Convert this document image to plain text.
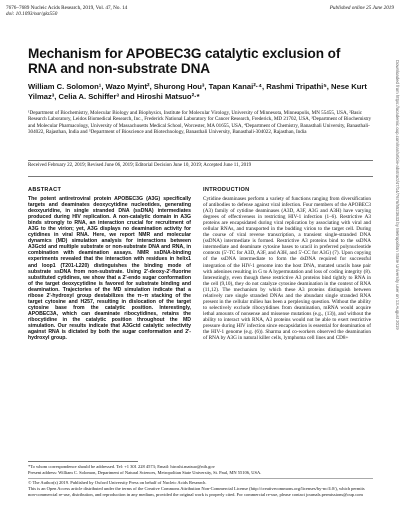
7676–7689 Nucleic Acids Research, 2019, Vol. 47, No. 14
doi: 10.1093/nar/gkz550
Published online 25 June 2019
Mechanism for APOBEC3G catalytic exclusion of RNA and non-substrate DNA
William C. Solomon¹, Wazo Myint², Shurong Hou³, Tapan Kanai²·⁴, Rashmi Tripathi⁵, Nese Kurt Yilmaz³, Celia A. Schiffer³ and Hiroshi Matsuo²·*
¹Department of Biochemistry, Molecular Biology and Biophysics, Institute for Molecular Virology, University of Minnesota, Minneapolis, MN 55455, USA, ²Basic Research Laboratory, Leidos Biomedical Research, Inc., Frederick National Laboratory for Cancer Research, Frederick, MD 21702, USA, ³Department of Biochemistry and Molecular Pharmacology, University of Massachusetts Medical School, Worcester, MA 01655, USA, ⁴Department of Chemistry, Banasthali University, Banasthali-304022, Rajasthan, India and ⁵Department of Bioscience and Biotechnology, Banasthali University, Banasthali-304022, Rajasthan, India
Received February 22, 2019; Revised June 06, 2019; Editorial Decision June 10, 2019; Accepted June 11, 2019
ABSTRACT
The potent antiretroviral protein APOBEC3G (A3G) specifically targets and deaminates deoxycytidine nucleotides, generating deoxyuridine, in single stranded DNA (ssDNA) intermediates produced during HIV replication. A non-catalytic domain in A3G binds strongly to RNA, an interaction crucial for recruitment of A3G to the virion; yet, A3G displays no deamination activity for cytidines in viral RNA. Here, we report NMR and molecular dynamics (MD) simulation analysis for interactions between A3Gctd and multiple substrate or non-substrate DNA and RNA, in combination with deamination assays. NMR ssDNA-binding experiments revealed that the interaction with residues in helix1 and loop1 (T201-L220) distinguishes the binding mode of substrate ssDNA from non-substrate. Using 2'-deoxy-2'-fluorine substituted cytidines, we show that a 2'-endo sugar conformation of the target deoxycytidine is favored for substrate binding and deamination. Trajectories of the MD simulation indicate that a ribose 2'-hydroxyl group destabilizes the π–π stacking of the target cytosine and H257, resulting in dislocation of the target cytosine base from the catalytic position. Interestingly, APOBEC3A, which can deaminate ribocytidines, retains the ribocytidine in the catalytic position throughout the MD simulation. Our results indicate that A3Gctd catalytic selectivity against RNA is dictated by both the sugar conformation and 2'-hydroxyl group.
INTRODUCTION
Cytidine deaminases perform a variety of functions ranging from diversification of antibodies to defense against viral infection. Four members of the APOBEC3 (A3) family of cytidine deaminases (A3D, A3F, A3G and A3H) have varying degrees of effectiveness in restricting HIV-1 infection (1–6). Restrictive A3 proteins are encapsidated during viral replication by associating with viral and cellular RNAs, and transported in the budding virion to the target cell. During the course of viral reverse transcription, a transient single-stranded DNA (ssDNA) intermediate is formed. Restrictive A3 proteins bind to the ssDNA intermediate and deaminate cytosine bases to uracil in preferred polynucleotide contexts (5'-TC for A3D, A3F, and A3H, and 5'-CC for A3G) (7). Upon copying of the ssDNA intermediate to form the dsDNA required for successful integration of the HIV-1 genome into the host DNA, mutated uracils base pair with adenines resulting in G to A hypermutation and loss of coding integrity (8). Interestingly, even though these restrictive A3 proteins bind tightly to RNA in the cell (9,10), they do not catalyze cytosine deamination in the context of RNA (11,12). The mechanism by which these A3 proteins distinguish between relatively rare single stranded DNAs and the abundant single stranded RNA present in the cellular milieu has been a perplexing question. Without the ability to selectively exclude ribocytidines from deamination, mRNA would acquire lethal amounts of nonsense and missense mutations (e.g., (13)), and without the ability to interact with RNA, A3 proteins would not be able to exert restrictive pressure during HIV infection since encapsidation is essential for deamination of the HIV-1 genome (e.g. (6)). Sharma and co-workers observed the deamination of RNA by A3G in natural killer cells, lymphoma cell lines and CD8+
*To whom correspondence should be addressed. Tel: +1 301 228 4573; Email: hiroshi.matsuo@nih.gov
Present address: William C. Solomon, Department of Natural Sciences, Metropolitan State University, St. Paul, MN 55106, USA.
© The Author(s) 2019. Published by Oxford University Press on behalf of Nucleic Acids Research.
This is an Open Access article distributed under the terms of the Creative Commons Attribution Non-Commercial License (http://creativecommons.org/licenses/by-nc/4.0/), which permits non-commercial re-use, distribution, and reproduction in any medium, provided the original work is properly cited. For commercial re-use, please contact journals.permissions@oup.com
Downloaded from https://academic.oup.com/nar/article-abstract/47/14/7676/5523633 by Metropolitan State University user on 13 August 2019
